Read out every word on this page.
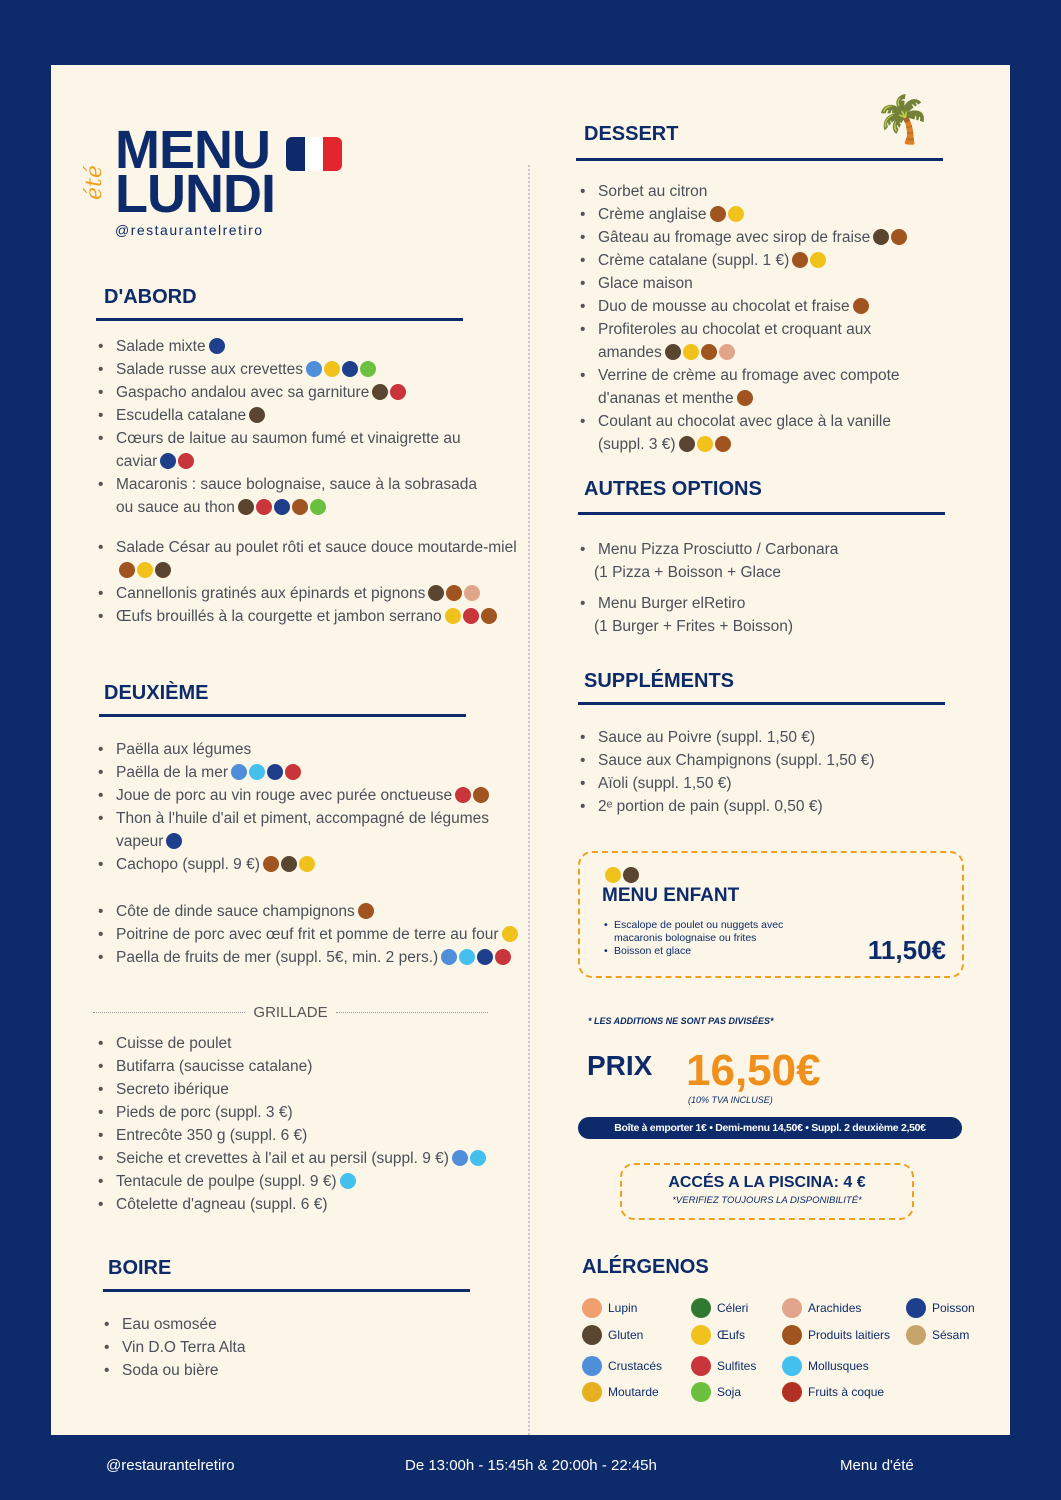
été
MENU
LUNDI
@restaurantelretiro
D'ABORD
• Salade mixte
• Salade russe aux crevettes
• Gaspacho andalou avec sa garniture
• Escudella catalane
• Cœurs de laitue au saumon fumé et vinaigrette au caviar
• Macaronis : sauce bolognaise, sauce à la sobrasada ou sauce au thon
• Salade César au poulet rôti et sauce douce moutarde-miel
• Cannellonis gratinés aux épinards et pignons
• Œufs brouillés à la courgette et jambon serrano
DEUXIÈME
• Paëlla aux légumes
• Paëlla de la mer
• Joue de porc au vin rouge avec purée onctueuse
• Thon à l'huile d'ail et piment, accompagné de légumes vapeur
• Cachopo (suppl. 9 €)
• Côte de dinde sauce champignons
• Poitrine de porc avec œuf frit et pomme de terre au four
• Paella de fruits de mer (suppl. 5€, min. 2 pers.)
GRILLADE
• Cuisse de poulet
• Butifarra (saucisse catalane)
• Secreto ibérique
• Pieds de porc (suppl. 3 €)
• Entrecôte 350 g (suppl. 6 €)
• Seiche et crevettes à l'ail et au persil (suppl. 9 €)
• Tentacule de poulpe (suppl. 9 €)
• Côtelette d'agneau (suppl. 6 €)
BOIRE
• Eau osmosée
• Vin D.O Terra Alta
• Soda ou bière
🌴
DESSERT
• Sorbet au citron
• Crème anglaise
• Gâteau au fromage avec sirop de fraise
• Crème catalane (suppl. 1 €)
• Glace maison
• Duo de mousse au chocolat et fraise
• Profiteroles au chocolat et croquant aux amandes
• Verrine de crème au fromage avec compote d'ananas et menthe
• Coulant au chocolat avec glace à la vanille (suppl. 3 €)
AUTRES OPTIONS
• Menu Pizza Prosciutto / Carbonara
(1 Pizza + Boisson + Glace
• Menu Burger elRetiro
(1 Burger + Frites + Boisson)
SUPPLÉMENTS
• Sauce au Poivre (suppl. 1,50 €)
• Sauce aux Champignons (suppl. 1,50 €)
• Aïoli (suppl. 1,50 €)
• 2ᵉ portion de pain (suppl. 0,50 €)
MENU ENFANT
• Escalope de poulet ou nuggets avec macaronis bolognaise ou frites
• Boisson et glace	11,50€
* LES ADDITIONS NE SONT PAS DIVISÉES*
PRIX 16,50€
(10% TVA INCLUSE)
Boîte à emporter 1€ • Demi-menu 14,50€ • Suppl. 2 deuxième 2,50€
ACCÉS A LA PISCINA: 4 €
*VERIFIEZ TOUJOURS LA DISPONIBILITÉ*
ALÉRGENOS
Lupin	Céleri	Arachides	Poisson
Gluten	Œufs	Produits laitiers	Sésam
Crustacés	Sulfites	Mollusques
Moutarde	Soja	Fruits à coque
@restaurantelretiro	De 13:00h - 15:45h & 20:00h - 22:45h	Menu d'été
